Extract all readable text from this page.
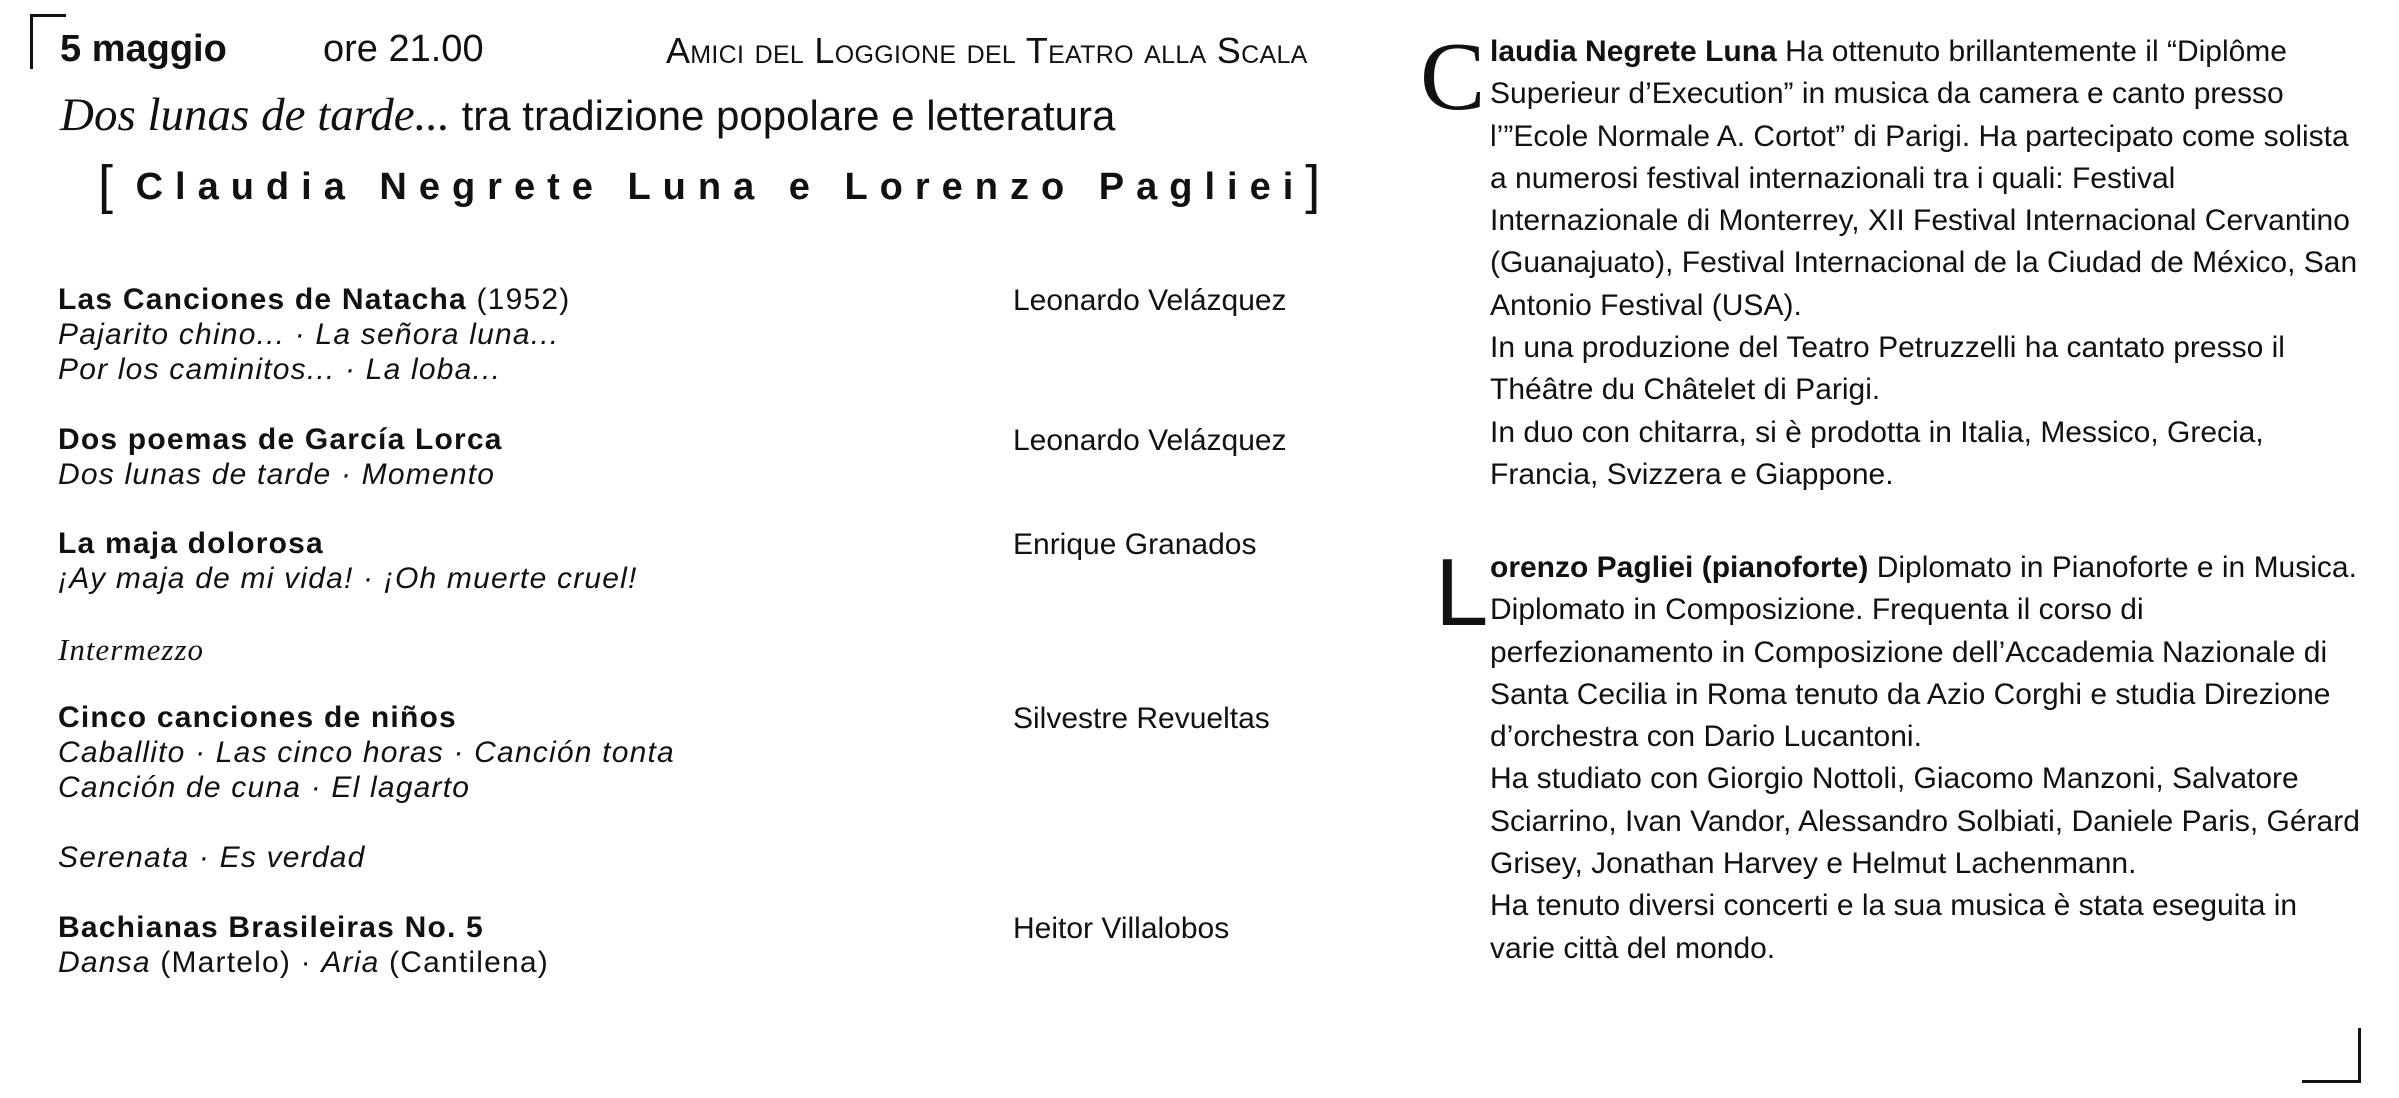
5 maggio	ore 21.00	Amici del Loggione del Teatro alla Scala
Dos lunas de tarde... tra tradizione popolare e letteratura
[ Claudia Negrete Luna e Lorenzo Pagliei]
Las Canciones de Natacha (1952)
Pajarito chino... · La señora luna...
Por los caminitos... · La loba...
Leonardo Velázquez
Dos poemas de García Lorca
Dos lunas de tarde · Momento
Leonardo Velázquez
La maja dolorosa
¡Ay maja de mi vida! · ¡Oh muerte cruel!
Enrique Granados
Intermezzo
Cinco canciones de niños
Caballito · Las cinco horas · Canción tonta
Canción de cuna · El lagarto
Serenata · Es verdad
Silvestre Revueltas
Bachianas Brasileiras No. 5
Dansa (Martelo) · Aria (Cantilena)
Heitor Villalobos
C laudia Negrete Luna Ha ottenuto brillantemente il “Diplôme Superieur d’Execution” in musica da camera e canto presso l’”Ecole Normale A. Cortot” di Parigi. Ha partecipato come solista a numerosi festival internazionali tra i quali: Festival Internazionale di Monterrey, XII Festival Internacional Cervantino (Guanajuato), Festival Internacional de la Ciudad de México, San Antonio Festival (USA).

In una produzione del Teatro Petruzzelli ha cantato presso il Théâtre du Châtelet di Parigi.

In duo con chitarra, si è prodotta in Italia, Messico, Grecia, Francia, Svizzera e Giappone.

L orenzo Pagliei (pianoforte) Diplomato in Pianoforte e in Musica. Diplomato in Composizione. Frequenta il corso di perfezionamento in Composizione dell’Accademia Nazionale di Santa Cecilia in Roma tenuto da Azio Corghi e studia Direzione d’orchestra con Dario Lucantoni.

Ha studiato con Giorgio Nottoli, Giacomo Manzoni, Salvatore Sciarrino, Ivan Vandor, Alessandro Solbiati, Daniele Paris, Gérard Grisey, Jonathan Harvey e Helmut Lachenmann.

Ha tenuto diversi concerti e la sua musica è stata eseguita in varie città del mondo.
